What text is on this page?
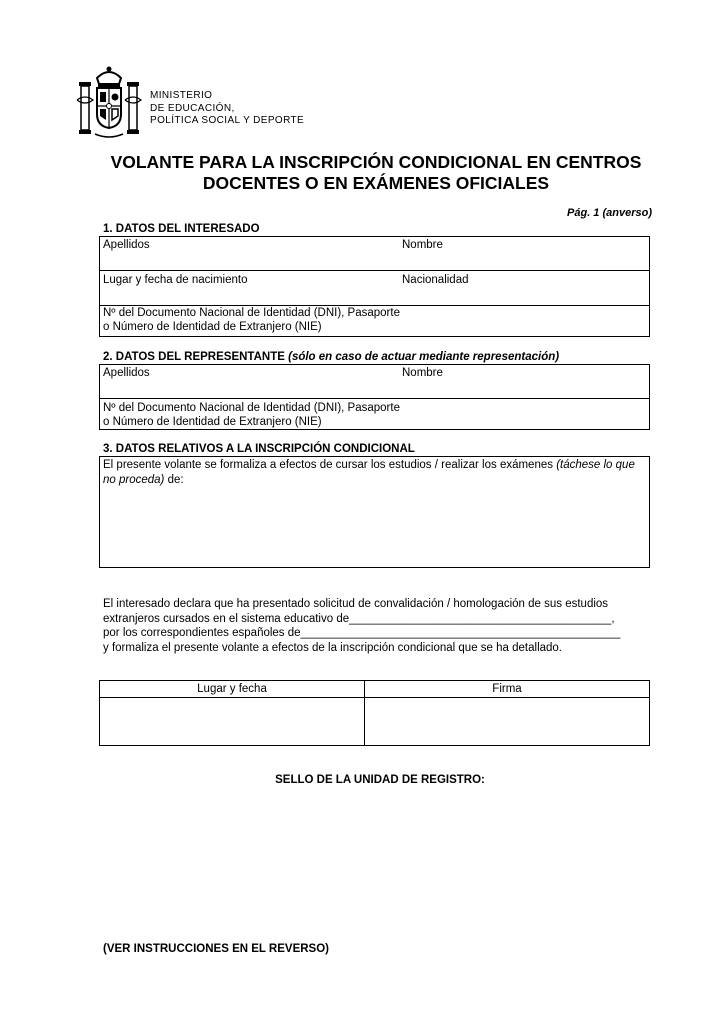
MINISTERIO
DE EDUCACIÓN,
POLÍTICA SOCIAL Y DEPORTE
VOLANTE PARA LA INSCRIPCIÓN CONDICIONAL EN CENTROS
DOCENTES O EN EXÁMENES OFICIALES
Pág. 1 (anverso)
1. DATOS DEL INTERESADO
Apellidos	Nombre
Lugar y fecha de nacimiento	Nacionalidad
Nº del Documento Nacional de Identidad (DNI), Pasaporte
o Número de Identidad de Extranjero (NIE)
2. DATOS DEL REPRESENTANTE (sólo en caso de actuar mediante representación)
Apellidos	Nombre
Nº del Documento Nacional de Identidad (DNI), Pasaporte
o Número de Identidad de Extranjero (NIE)
3. DATOS RELATIVOS A LA INSCRIPCIÓN CONDICIONAL
El presente volante se formaliza a efectos de cursar los estudios / realizar los exámenes (táchese lo que no proceda) de:
El interesado declara que ha presentado solicitud de convalidación / homologación de sus estudios
extranjeros cursados en el sistema educativo de_________________________________________,
por los correspondientes españoles de__________________________________________________
y formaliza el presente volante a efectos de la inscripción condicional que se ha detallado.
Lugar y fecha	Firma
SELLO DE LA UNIDAD DE REGISTRO:
(VER INSTRUCCIONES EN EL REVERSO)
